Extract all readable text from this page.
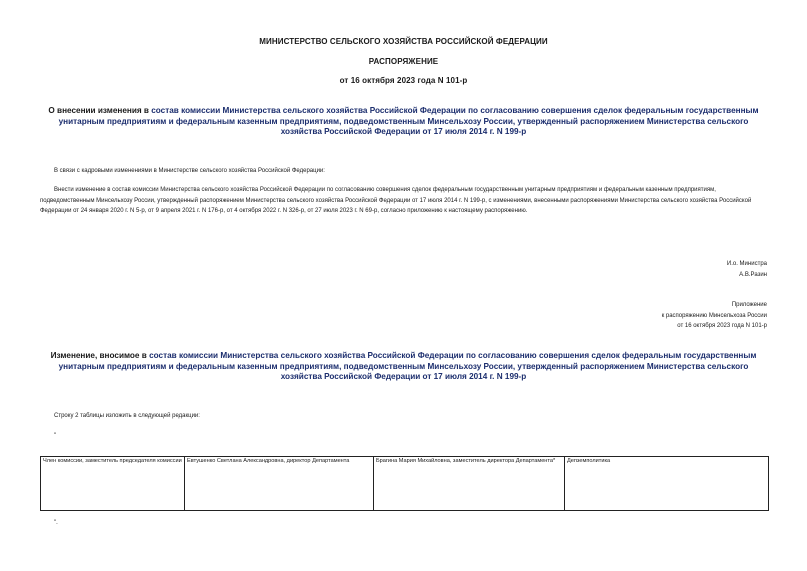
МИНИСТЕРСТВО СЕЛЬСКОГО ХОЗЯЙСТВА РОССИЙСКОЙ ФЕДЕРАЦИИ
РАСПОРЯЖЕНИЕ
от 16 октября 2023 года N 101-р
О внесении изменения в состав комиссии Министерства сельского хозяйства Российской Федерации по согласованию совершения сделок федеральным государственным унитарным предприятиям и федеральным казенным предприятиям, подведомственным Минсельхозу России, утвержденный распоряжением Министерства сельского хозяйства Российской Федерации от 17 июля 2014 г. N 199-р
В связи с кадровыми изменениями в Министерстве сельского хозяйства Российской Федерации:
Внести изменение в состав комиссии Министерства сельского хозяйства Российской Федерации по согласованию совершения сделок федеральным государственным унитарным предприятиям и федеральным казенным предприятиям, подведомственным Минсельхозу России, утвержденный распоряжением Министерства сельского хозяйства Российской Федерации от 17 июля 2014 г. N 199-р, с изменениями, внесенными распоряжениями Министерства сельского хозяйства Российской Федерации от 24 января 2020 г. N 5-р, от 9 апреля 2021 г. N 176-р, от 4 октября 2022 г. N 326-р, от 27 июля 2023 г. N 69-р, согласно приложению к настоящему распоряжению.
И.о. Министра
А.В.Разин
Приложение
к распоряжению Минсельхоза России
от 16 октября 2023 года N 101-р
Изменение, вносимое в состав комиссии Министерства сельского хозяйства Российской Федерации по согласованию совершения сделок федеральным государственным унитарным предприятиям и федеральным казенным предприятиям, подведомственным Минсельхозу России, утвержденный распоряжением Министерства сельского хозяйства Российской Федерации от 17 июля 2014 г. N 199-р
Строку 2 таблицы изложить в следующей редакции:
"
Член комиссии, заместитель председателя комиссии	Евтушенко Светлана Александровна, директор Департамента	Брагина Мария Михайловна, заместитель директора Департамента*	Депземполитика
".
